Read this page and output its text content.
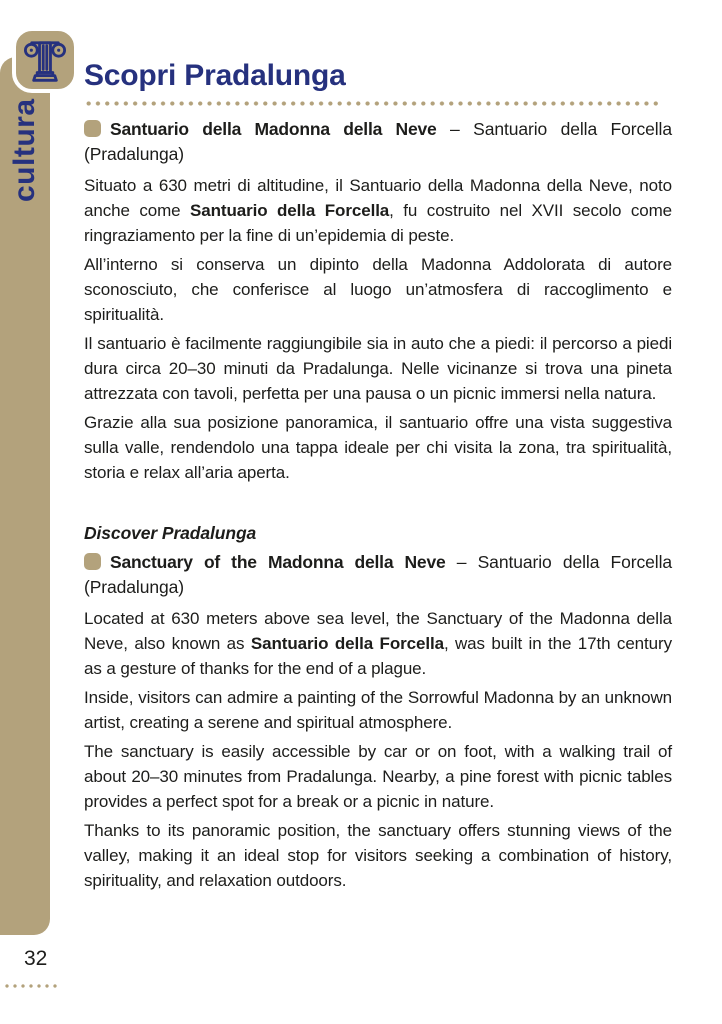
cultura
Scopri Pradalunga

Santuario della Madonna della Neve – Santuario della Forcella (Pradalunga)

Situato a 630 metri di altitudine, il Santuario della Madonna della Neve, noto anche come Santuario della Forcella, fu costruito nel XVII secolo come ringraziamento per la fine di un’epidemia di peste.

All’interno si conserva un dipinto della Madonna Addolorata di autore sconosciuto, che conferisce al luogo un’atmosfera di raccoglimento e spiritualità.

Il santuario è facilmente raggiungibile sia in auto che a piedi: il percorso a piedi dura circa 20–30 minuti da Pradalunga. Nelle vicinanze si trova una pineta attrezzata con tavoli, perfetta per una pausa o un picnic immersi nella natura.

Grazie alla sua posizione panoramica, il santuario offre una vista suggestiva sulla valle, rendendolo una tappa ideale per chi visita la zona, tra spiritualità, storia e relax all’aria aperta.

Discover Pradalunga

Sanctuary of the Madonna della Neve – Santuario della Forcella (Pradalunga)

Located at 630 meters above sea level, the Sanctuary of the Madonna della Neve, also known as Santuario della Forcella, was built in the 17th century as a gesture of thanks for the end of a plague.

Inside, visitors can admire a painting of the Sorrowful Madonna by an unknown artist, creating a serene and spiritual atmosphere.

The sanctuary is easily accessible by car or on foot, with a walking trail of about 20–30 minutes from Pradalunga. Nearby, a pine forest with picnic tables provides a perfect spot for a break or a picnic in nature.

Thanks to its panoramic position, the sanctuary offers stunning views of the valley, making it an ideal stop for visitors seeking a combination of history, spirituality, and relaxation outdoors.

32
